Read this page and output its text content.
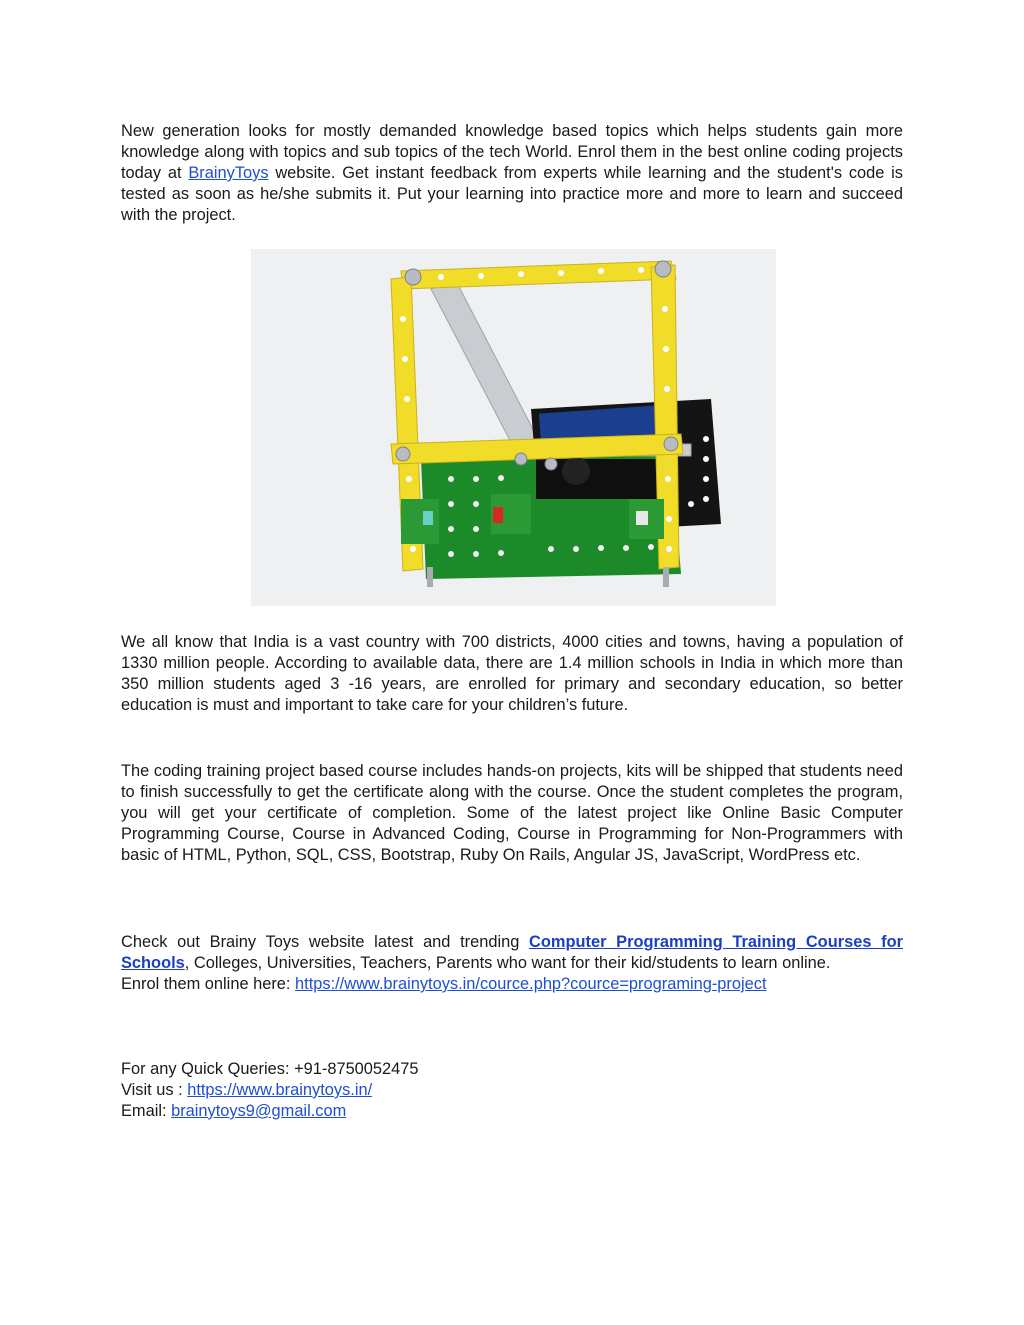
New generation looks for mostly demanded knowledge based topics which helps students gain more knowledge along with topics and sub topics of the tech World. Enrol them in the best online coding projects today at BrainyToys website. Get instant feedback from experts while learning and the student's code is tested as soon as he/she submits it. Put your learning into practice more and more to learn and succeed with the project.

We all know that India is a vast country with 700 districts, 4000 cities and towns, having a population of 1330 million people. According to available data, there are 1.4 million schools in India in which more than 350 million students aged 3 -16 years, are enrolled for primary and secondary education, so better education is must and important to take care for your children’s future.

The coding training project based course includes hands-on projects, kits will be shipped that students need to finish successfully to get the certificate along with the course. Once the student completes the program, you will get your certificate of completion. Some of the latest project like Online Basic Computer Programming Course, Course in Advanced Coding, Course in Programming for Non-Programmers with basic of HTML, Python, SQL, CSS, Bootstrap, Ruby On Rails, Angular JS, JavaScript, WordPress etc.

Check out Brainy Toys website latest and trending Computer Programming Training Courses for Schools, Colleges, Universities, Teachers, Parents who want for their kid/students to learn online.
Enrol them online here: https://www.brainytoys.in/cource.php?cource=programing-project

For any Quick Queries: +91-8750052475
Visit us : https://www.brainytoys.in/
Email: brainytoys9@gmail.com
